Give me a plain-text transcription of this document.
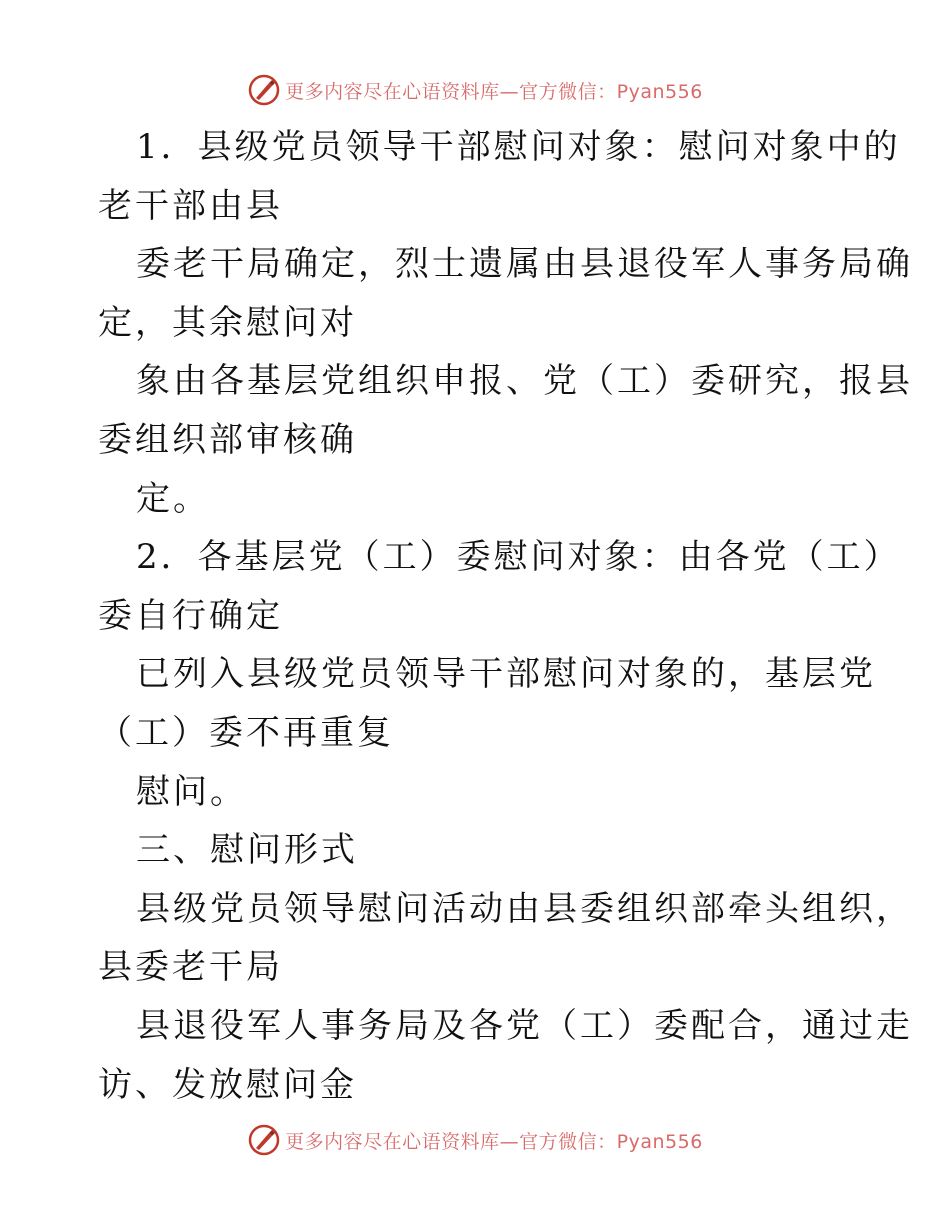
更多内容尽在心语资料库—官方微信：Pyan556
1．县级党员领导干部慰问对象：慰问对象中的
老干部由县
委老干局确定，烈士遗属由县退役军人事务局确
定，其余慰问对
象由各基层党组织申报、党（工）委研究，报县
委组织部审核确
定。
2．各基层党（工）委慰问对象：由各党（工）
委自行确定
已列入县级党员领导干部慰问对象的，基层党
（工）委不再重复
慰问。
三、慰问形式
县级党员领导慰问活动由县委组织部牵头组织，
县委老干局
县退役军人事务局及各党（工）委配合，通过走
访、发放慰问金
更多内容尽在心语资料库—官方微信：Pyan556
